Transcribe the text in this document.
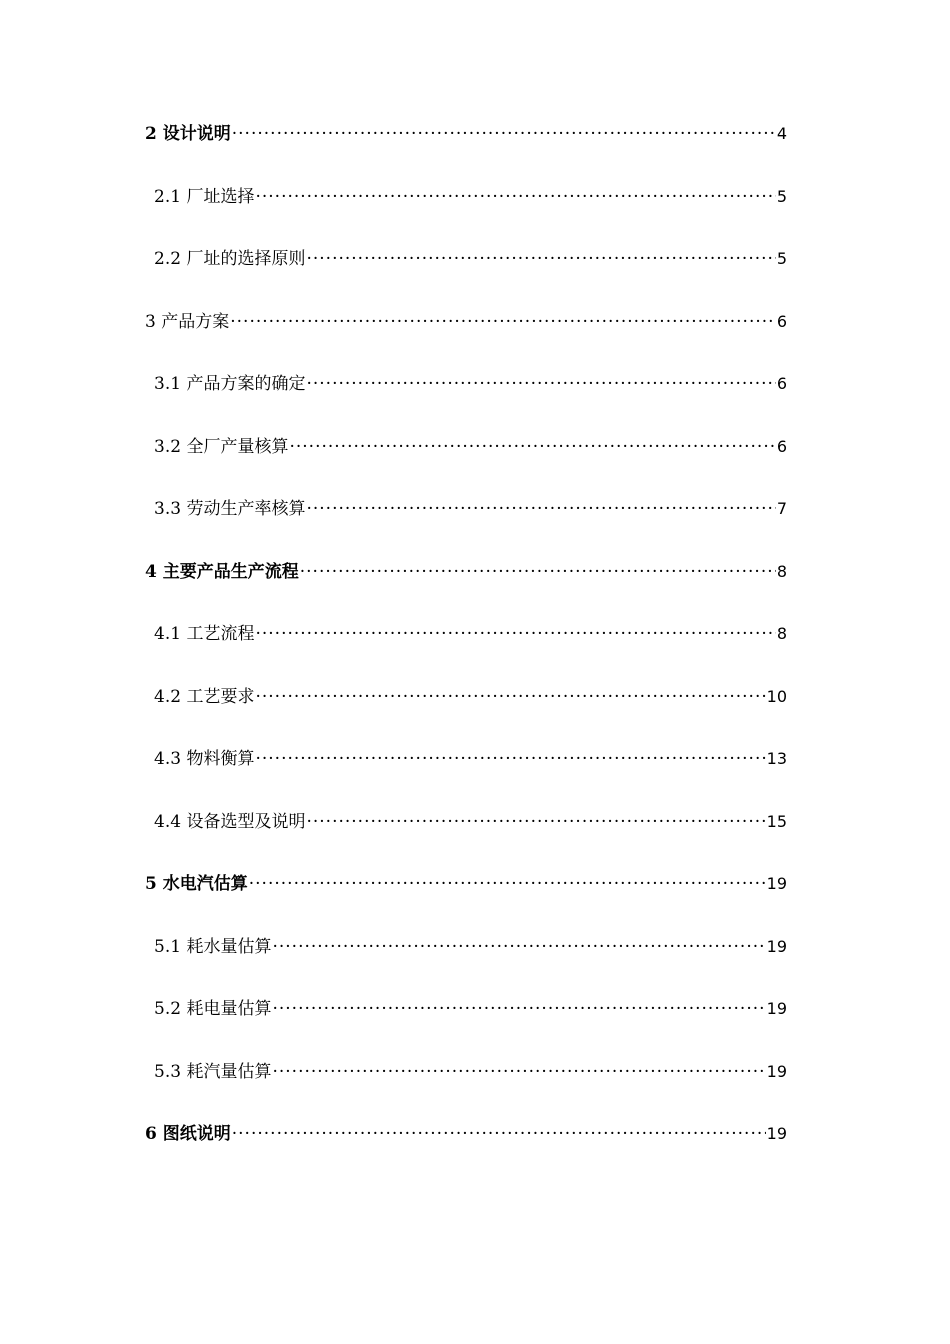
2 设计说明 ·····	4
2.1 厂址选择 ·····	5
2.2 厂址的选择原则 ·····	5
3 产品方案 ·····	6
3.1 产品方案的确定 ·····	6
3.2 全厂产量核算 ·····	6
3.3 劳动生产率核算 ·····	7
4 主要产品生产流程 ·····	8
4.1 工艺流程 ·····	8
4.2 工艺要求 ·····	10
4.3 物料衡算 ·····	13
4.4 设备选型及说明 ·····	15
5 水电汽估算 ·····	19
5.1 耗水量估算 ·····	19
5.2 耗电量估算 ·····	19
5.3 耗汽量估算 ·····	19
6 图纸说明 ·····	19
